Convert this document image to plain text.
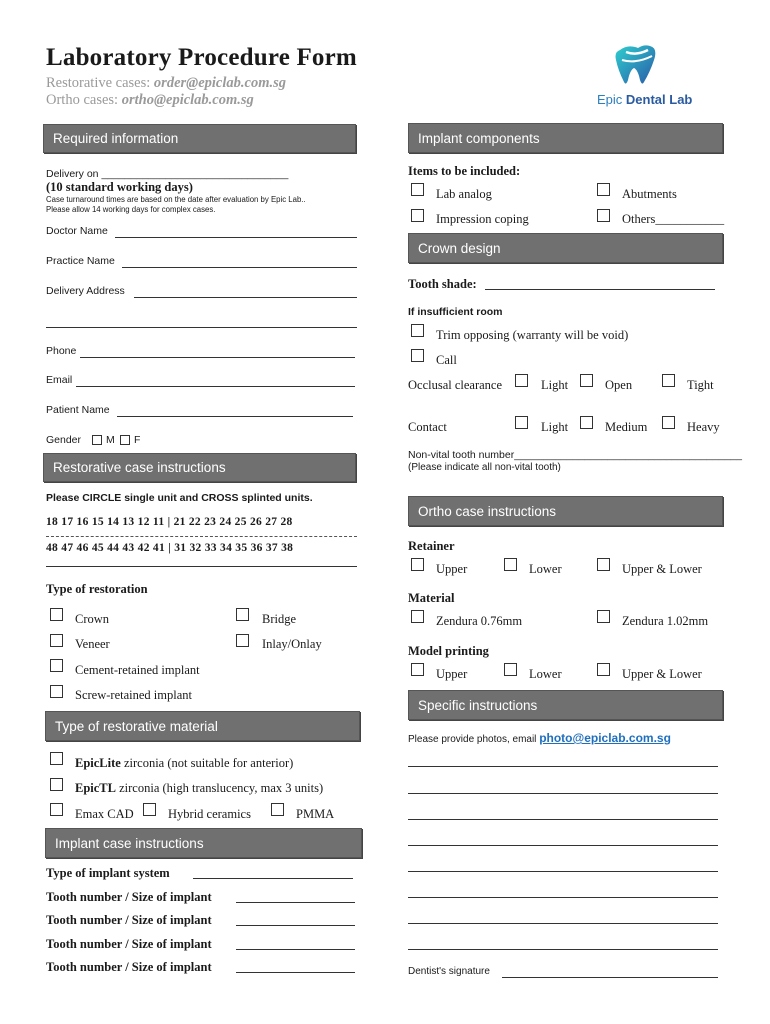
Laboratory Procedure Form
Restorative cases: order@epiclab.com.sg
Ortho cases: ortho@epiclab.com.sg	Epic Dental Lab
Required information
Delivery on ________________________________
(10 standard working days)
Case turnaround times are based on the date after evaluation by Epic Lab..
Please allow 14 working days for complex cases.
Doctor Name
Practice Name
Delivery Address
Phone
Email
Patient Name
Gender M F
Restorative case instructions
Please CIRCLE single unit and CROSS splinted units.
18 17 16 15 14 13 12 11 | 21 22 23 24 25 26 27 28
48 47 46 45 44 43 42 41 | 31 32 33 34 35 36 37 38
Type of restoration
Crown	Bridge
Veneer	Inlay/Onlay
Cement-retained implant
Screw-retained implant
Type of restorative material
EpicLite zirconia (not suitable for anterior)
EpicTL zirconia (high translucency, max 3 units)
Emax CAD	Hybrid ceramics	PMMA
Implant case instructions
Type of implant system
Tooth number / Size of implant
Tooth number / Size of implant
Tooth number / Size of implant
Tooth number / Size of implant
Implant components
Items to be included:
Lab analog	Abutments
Impression coping	Others___________
Crown design
Tooth shade:
If insufficient room
Trim opposing (warranty will be void)
Call
Occlusal clearance	Light	Open	Tight
Contact	Light	Medium	Heavy
Non-vital tooth number_______________________________________
(Please indicate all non-vital tooth)
Ortho case instructions
Retainer
Upper	Lower	Upper & Lower
Material
Zendura 0.76mm	Zendura 1.02mm
Model printing
Upper	Lower	Upper & Lower
Specific instructions
Please provide photos, email photo@epiclab.com.sg
Dentist's signature
